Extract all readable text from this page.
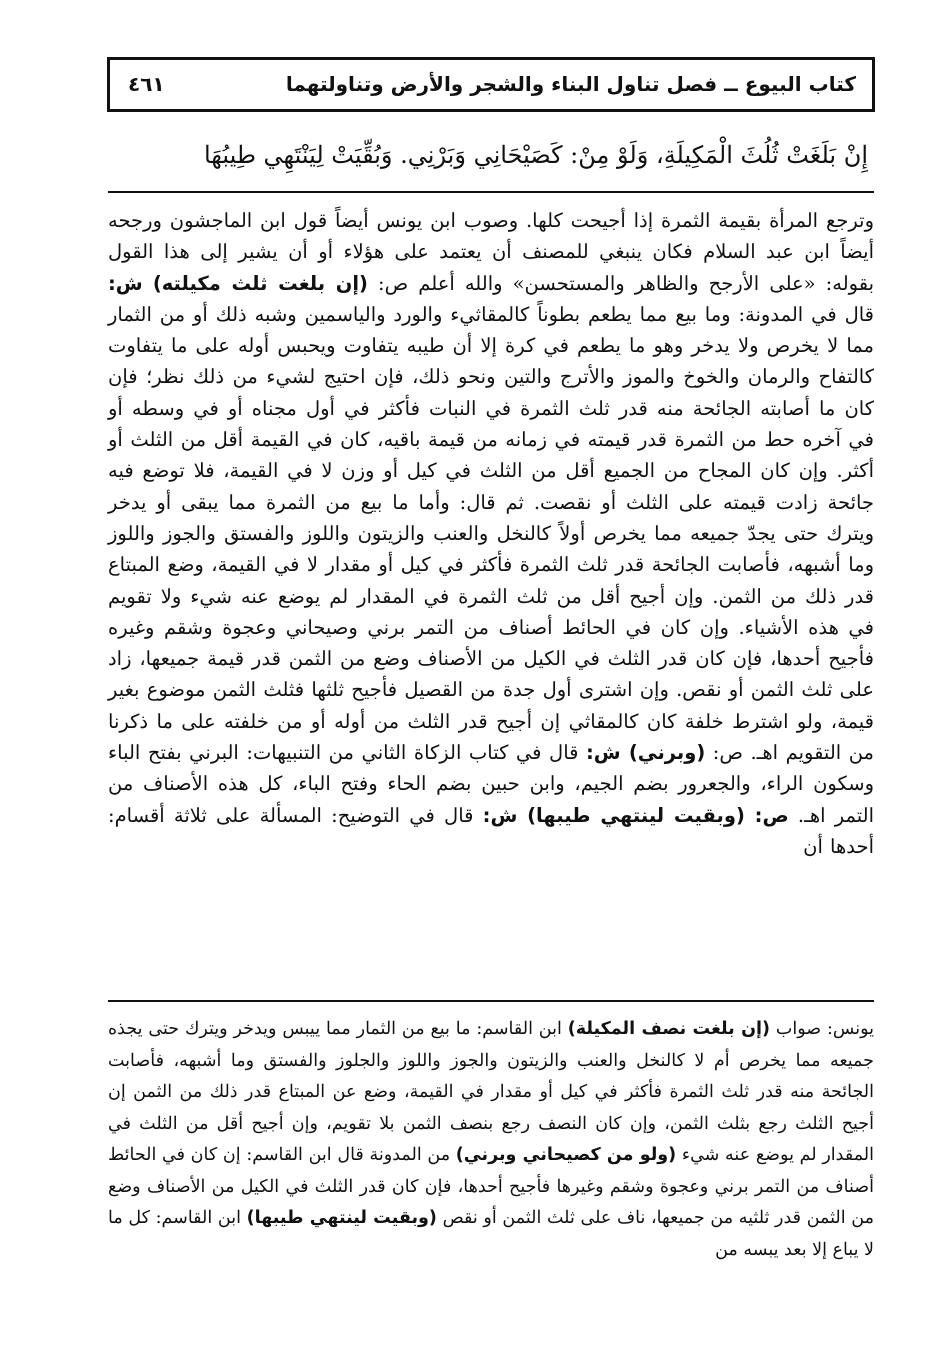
كتاب البيوع ــ فصل تناول البناء والشجر والأرض وتناولتهما
٤٦١
إِنْ بَلَغَتْ ثُلُثَ الْمَكِيلَةِ، وَلَوْ مِنْ: كَصَيْحَانِي وَبَرْنِي. وَبُقِّيَتْ لِيَنْتَهِي طِيبُهَا
وترجع المرأة بقيمة الثمرة إذا أجيحت كلها. وصوب ابن يونس أيضاً قول ابن الماجشون ورجحه أيضاً ابن عبد السلام فكان ينبغي للمصنف أن يعتمد على هؤلاء أو أن يشير إلى هذا القول بقوله: «على الأرجح والظاهر والمستحسن» والله أعلم ص: (إن بلغت ثلث مكيلته) ش: قال في المدونة: وما بيع مما يطعم بطوناً كالمقاثيء والورد والياسمين وشبه ذلك أو من الثمار مما لا يخرص ولا يدخر وهو ما يطعم في كرة إلا أن طيبه يتفاوت ويحبس أوله على ما يتفاوت كالتفاح والرمان والخوخ والموز والأترج والتين ونحو ذلك، فإن احتيج لشيء من ذلك نظر؛ فإن كان ما أصابته الجائحة منه قدر ثلث الثمرة في النبات فأكثر في أول مجناه أو في وسطه أو في آخره حط من الثمرة قدر قيمته في زمانه من قيمة باقيه، كان في القيمة أقل من الثلث أو أكثر. وإن كان المجاح من الجميع أقل من الثلث في كيل أو وزن لا في القيمة، فلا توضع فيه جائحة زادت قيمته على الثلث أو نقصت. ثم قال: وأما ما بيع من الثمرة مما يبقى أو يدخر ويترك حتى يجدّ جميعه مما يخرص أولاً كالنخل والعنب والزيتون واللوز والفستق والجوز واللوز وما أشبهه، فأصابت الجائحة قدر ثلث الثمرة فأكثر في كيل أو مقدار لا في القيمة، وضع المبتاع قدر ذلك من الثمن. وإن أجيح أقل من ثلث الثمرة في المقدار لم يوضع عنه شيء ولا تقويم في هذه الأشياء. وإن كان في الحائط أصناف من التمر برني وصيحاني وعجوة وشقم وغيره فأجيح أحدها، فإن كان قدر الثلث في الكيل من الأصناف وضع من الثمن قدر قيمة جميعها، زاد على ثلث الثمن أو نقص. وإن اشترى أول جدة من القصيل فأجيح ثلثها فثلث الثمن موضوع بغير قيمة، ولو اشترط خلفة كان كالمقاثي إن أجيح قدر الثلث من أوله أو من خلفته على ما ذكرنا من التقويم اهـ. ص: (وبرني) ش: قال في كتاب الزكاة الثاني من التنبيهات: البرني بفتح الباء وسكون الراء، والجعرور بضم الجيم، وابن حبين بضم الحاء وفتح الباء، كل هذه الأصناف من التمر اهـ. ص: (وبقيت لينتهي طيبها) ش: قال في التوضيح: المسألة على ثلاثة أقسام: أحدها أن
يونس: صواب (إن بلغت نصف المكيلة) ابن القاسم: ما بيع من الثمار مما ييبس ويدخر ويترك حتى يجذه جميعه مما يخرص أم لا كالنخل والعنب والزيتون والجوز واللوز والجلوز والفستق وما أشبهه، فأصابت الجائحة منه قدر ثلث الثمرة فأكثر في كيل أو مقدار في القيمة، وضع عن المبتاع قدر ذلك من الثمن إن أجيح الثلث رجع بثلث الثمن، وإن كان النصف رجع بنصف الثمن بلا تقويم، وإن أجيح أقل من الثلث في المقدار لم يوضع عنه شيء (ولو من كصيحاني وبرني) من المدونة قال ابن القاسم: إن كان في الحائط أصناف من التمر برني وعجوة وشقم وغيرها فأجيح أحدها، فإن كان قدر الثلث في الكيل من الأصناف وضع من الثمن قدر ثلثيه من جميعها، ناف على ثلث الثمن أو نقص (وبقيت لينتهي طيبها) ابن القاسم: كل ما لا يباع إلا بعد يبسه من
